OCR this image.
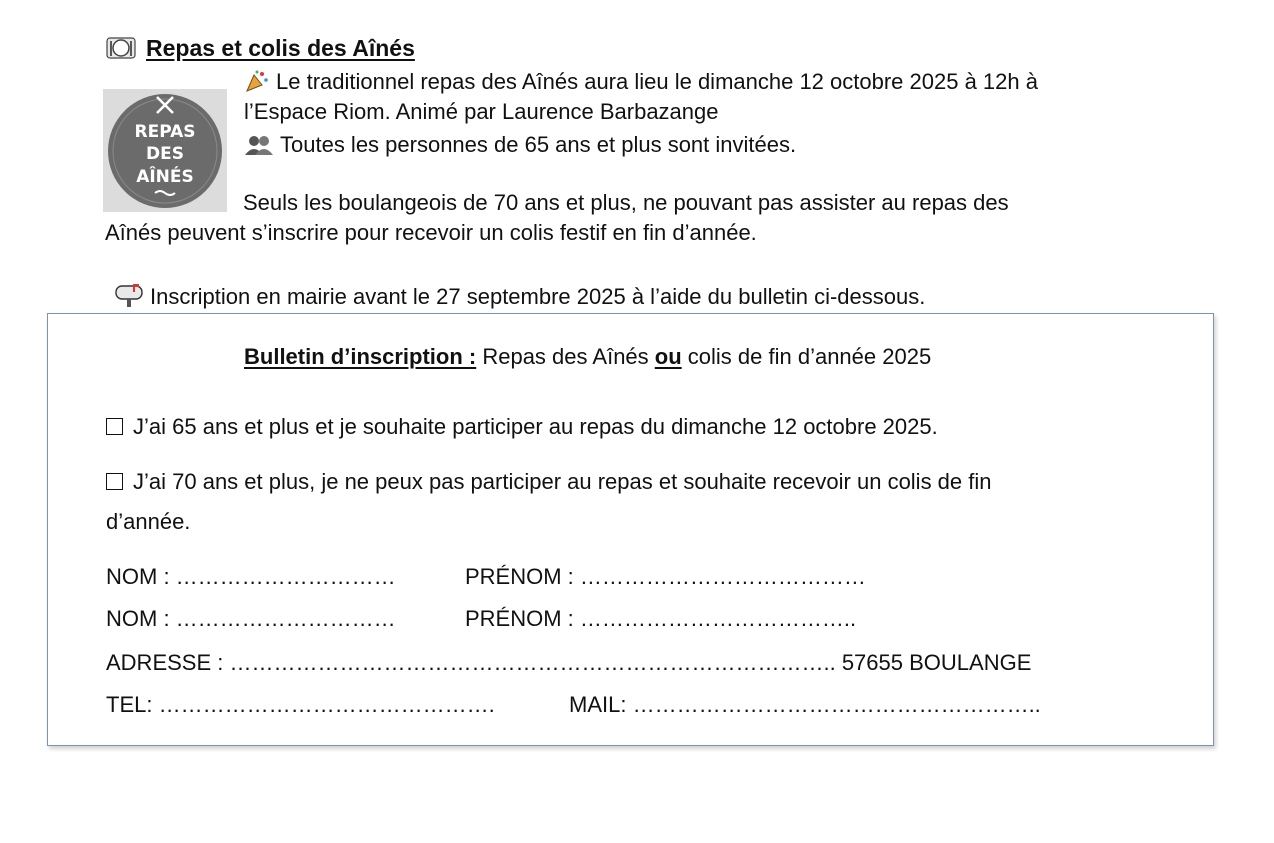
Repas et colis des Aînés
REPAS
DES
AÎNÉS
Le traditionnel repas des Aînés aura lieu le dimanche 12 octobre 2025 à 12h à
l’Espace Riom. Animé par Laurence Barbazange
Toutes les personnes de 65 ans et plus sont invitées.
Seuls les boulangeois de 70 ans et plus, ne pouvant pas assister au repas des
Aînés peuvent s’inscrire pour recevoir un colis festif en fin d’année.
Inscription en mairie avant le 27 septembre 2025 à l’aide du bulletin ci-dessous.
Bulletin d’inscription : Repas des Aînés ou colis de fin d’année 2025
J’ai 65 ans et plus et je souhaite participer au repas du dimanche 12 octobre 2025.
J’ai 70 ans et plus, je ne peux pas participer au repas et souhaite recevoir un colis de fin
d’année.
NOM : …………………………	PRÉNOM : …………………………………
NOM : …………………………	PRÉNOM : ………………………………..
ADRESSE : ……………………………………………………………………….. 57655 BOULANGE
TEL: ……………………………………….	MAIL: ………………………………………………..
